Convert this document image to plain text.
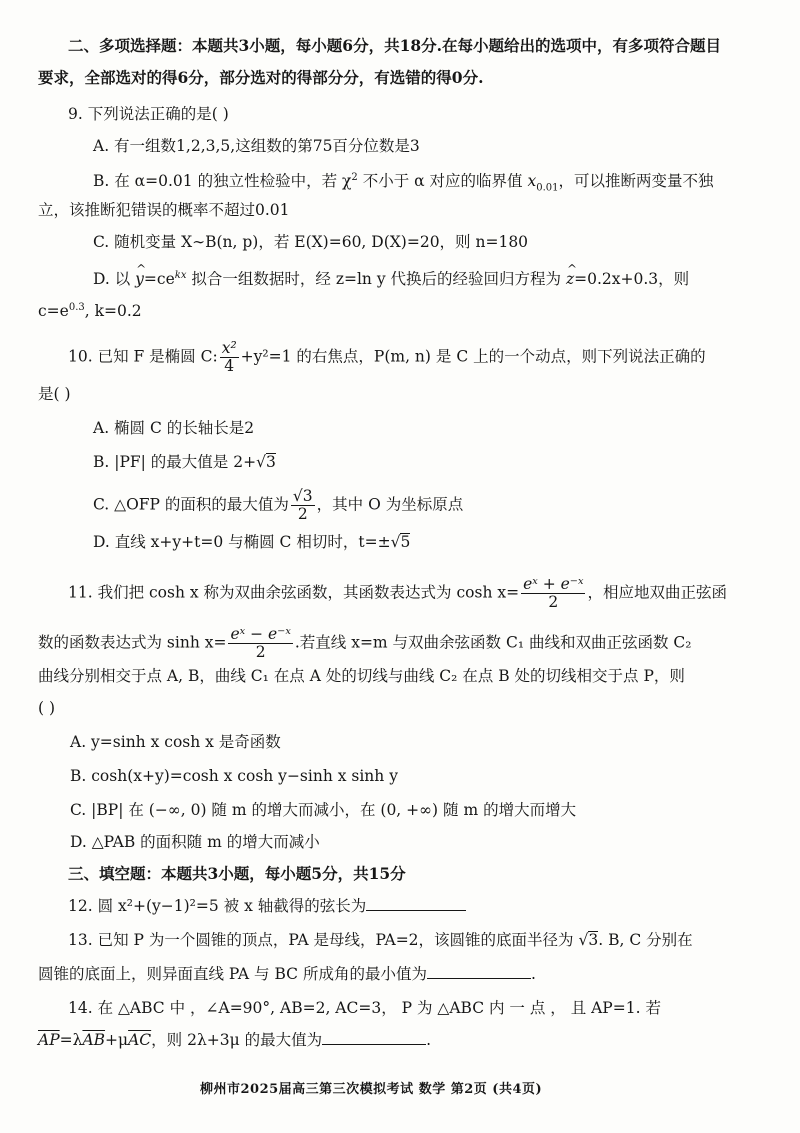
二、多项选择题：本题共3小题，每小题6分，共18分.在每小题给出的选项中，有多项符合题目
要求，全部选对的得6分，部分选对的得部分分，有选错的得0分.
9. 下列说法正确的是( )
A. 有一组数1,2,3,5,这组数的第75百分位数是3
B. 在 α=0.01 的独立性检验中，若 $\chi^2$ 不小于 α 对应的临界值 $x_{0.01}$，可以推断两变量不独
立，该推断犯错误的概率不超过0.01
C. 随机变量 X∼B(n, p)，若 E(X)=60, D(X)=20，则 n=180
D. 以 ^ $y=ce^{kx}$ 拟合一组数据时，经 z=ln y 代换后的经验回归方程为 ^ z=0.2x+0.3，则
$c=e^{0.3}$, k=0.2
10. 已知 F 是椭圆 C: $\frac{\text{x²}}{4} +y^2=1$ 的右焦点，P(m, n) 是 C 上的一个动点，则下列说法正确的
是( )
A. 椭圆 C 的长轴长是2
B. |PF| 的最大值是 2+√3
C. △OFP 的面积的最大值为 $\frac{√3}{2}$ ，其中 O 为坐标原点
D. 直线 x+y+t=0 与椭圆 C 相切时，t=±√5
11. 我们把 cosh x 称为双曲余弦函数，其函数表达式为 $\cosh x= \frac{\text{eˣ + e⁻ˣ}}{2}$ ，相应地双曲正弦函
数的函数表达式为 $\sinh x= \frac{\text{eˣ − e⁻ˣ}}{2}$ .若直线 x=m 与双曲余弦函数 C₁ 曲线和双曲正弦函数 C₂
曲线分别相交于点 A, B，曲线 C₁ 在点 A 处的切线与曲线 C₂ 在点 B 处的切线相交于点 P，则
( )
A. y=sinh x cosh x 是奇函数
B. cosh(x+y)=cosh x cosh y−sinh x sinh y
C. |BP| 在 (−∞, 0) 随 m 的增大而减小，在 (0, +∞) 随 m 的增大而增大
D. △PAB 的面积随 m 的增大而减小
三、填空题：本题共3小题，每小题5分，共15分
12. 圆 x²+(y−1)²=5 被 x 轴截得的弦长为
13. 已知 P 为一个圆锥的顶点，PA 是母线，PA=2，该圆锥的底面半径为 √3. B, C 分别在
圆锥的底面上，则异面直线 PA 与 BC 所成角的最小值为	.
14. 在 △ABC 中 ，∠A=90°, AB=2, AC=3， P 为 △ABC 内 一 点 ， 且 AP=1. 若
$\overline{AP}=\lambda\overline{AB}+\mu\overline{AC}$，则 2λ+3μ 的最大值为	.
柳州市2025届高三第三次模拟考试 数学 第2页 (共4页)
